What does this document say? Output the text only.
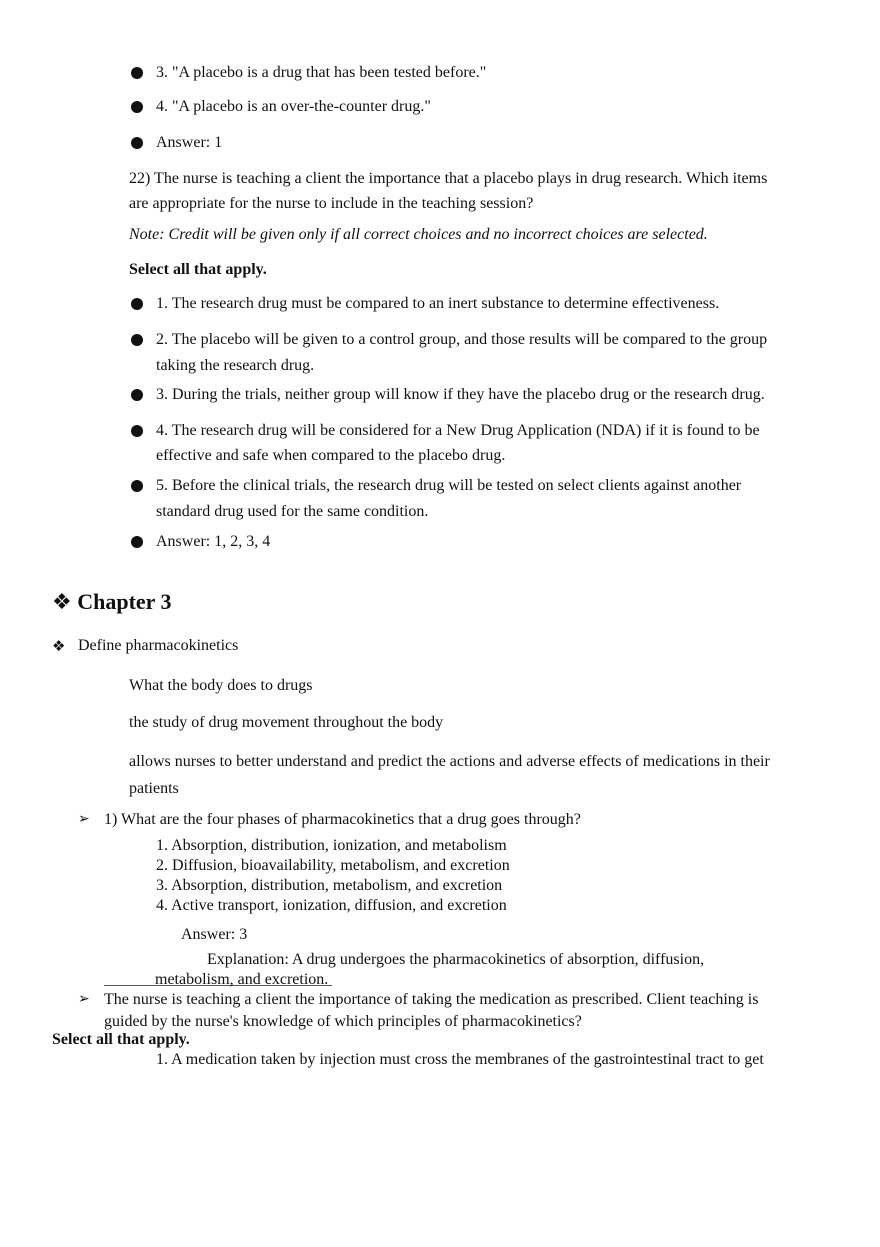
3. "A placebo is a drug that has been tested before."
4. "A placebo is an over-the-counter drug."
Answer: 1
22) The nurse is teaching a client the importance that a placebo plays in drug research. Which items
are appropriate for the nurse to include in the teaching session?
Note: Credit will be given only if all correct choices and no incorrect choices are selected.
Select all that apply.
1. The research drug must be compared to an inert substance to determine effectiveness.
2. The placebo will be given to a control group, and those results will be compared to the group
taking the research drug.
3. During the trials, neither group will know if they have the placebo drug or the research drug.
4. The research drug will be considered for a New Drug Application (NDA) if it is found to be
effective and safe when compared to the placebo drug.
5. Before the clinical trials, the research drug will be tested on select clients against another
standard drug used for the same condition.
Answer: 1, 2, 3, 4
❖ Chapter 3
❖ Define pharmacokinetics
What the body does to drugs
the study of drug movement throughout the body
allows nurses to better understand and predict the actions and adverse effects of medications in their
patients
➢ 1) What are the four phases of pharmacokinetics that a drug goes through?
1. Absorption, distribution, ionization, and metabolism
2. Diffusion, bioavailability, metabolism, and excretion
3. Absorption, distribution, metabolism, and excretion
4. Active transport, ionization, diffusion, and excretion
Answer: 3
Explanation: A drug undergoes the pharmacokinetics of absorption, diffusion,
metabolism, and excretion.
➢ The nurse is teaching a client the importance of taking the medication as prescribed. Client teaching is
guided by the nurse's knowledge of which principles of pharmacokinetics?
Select all that apply.
1. A medication taken by injection must cross the membranes of the gastrointestinal tract to get
